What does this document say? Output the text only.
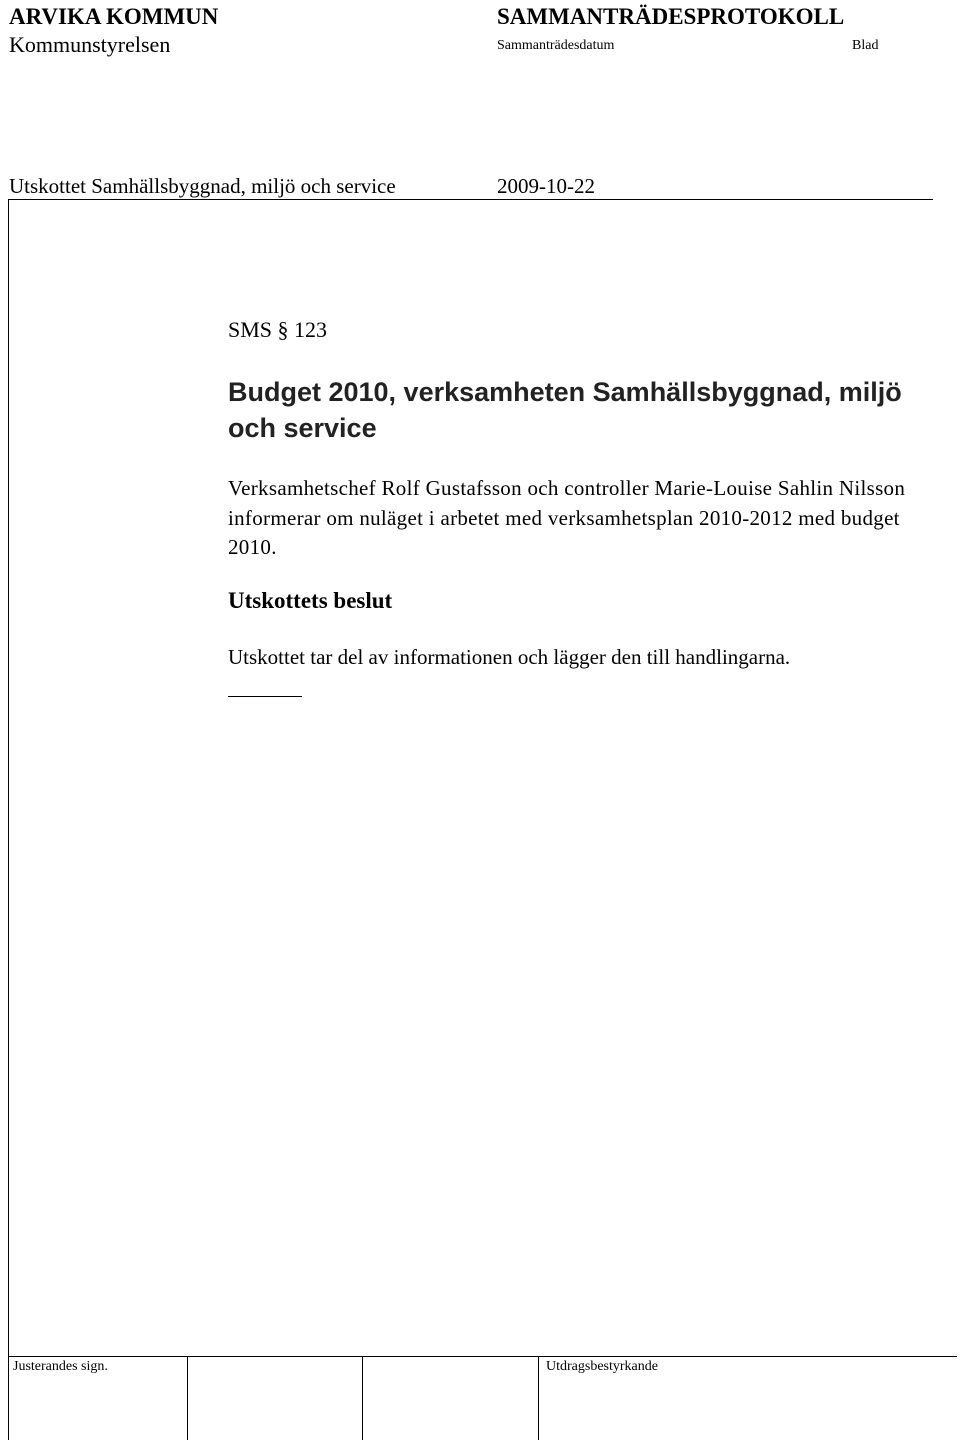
ARVIKA KOMMUN
Kommunstyrelsen
SAMMANTRÄDESPROTOKOLL
Sammanträdesdatum	Blad
Utskottet Samhällsbyggnad, miljö och service	2009-10-22
SMS § 123
Budget 2010, verksamheten Samhällsbyggnad, miljö och service
Verksamhetschef Rolf Gustafsson och controller Marie-Louise Sahlin Nilsson informerar om nuläget i arbetet med verksamhetsplan 2010-2012 med budget 2010.
Utskottets beslut
Utskottet tar del av informationen och lägger den till handlingarna.
Justerandes sign.	Utdragsbestyrkande
